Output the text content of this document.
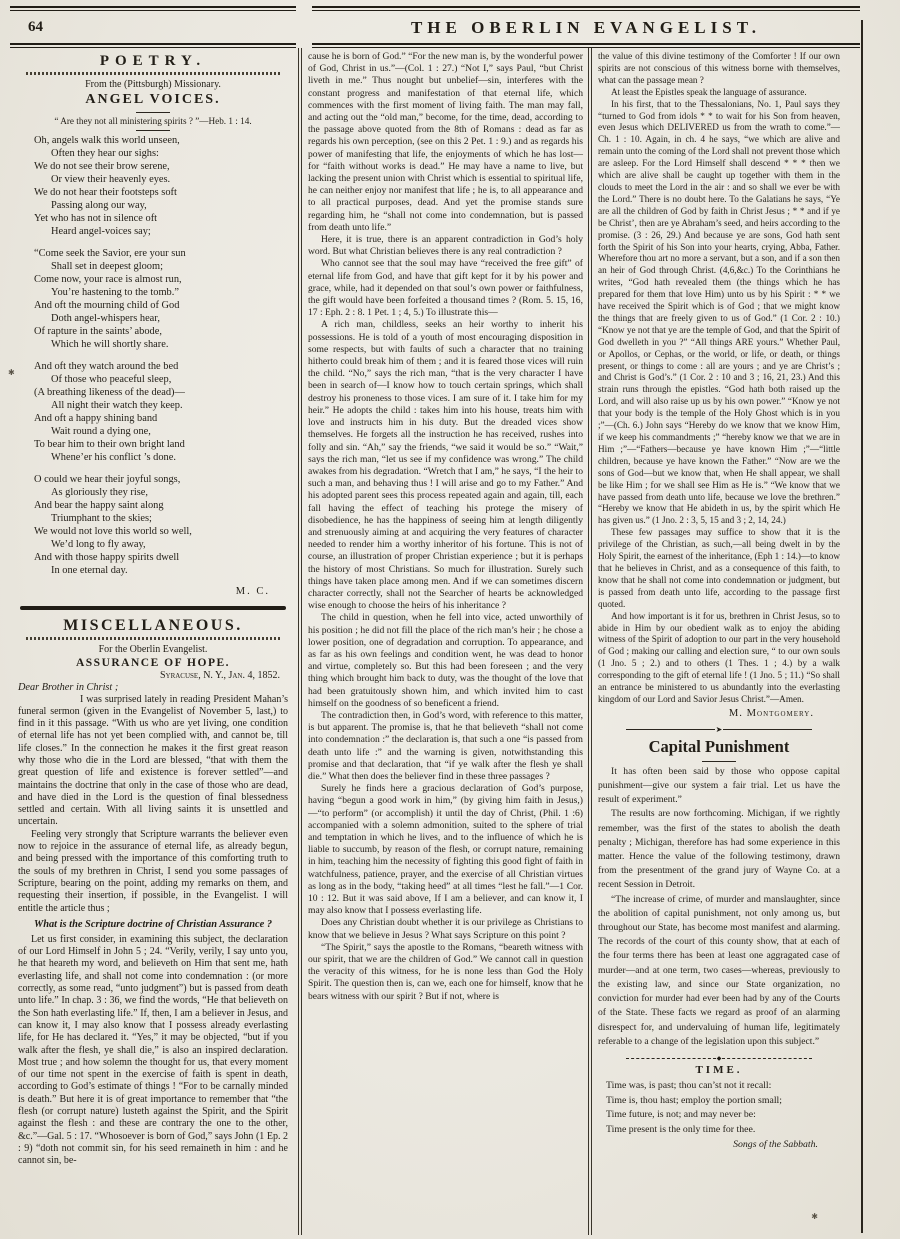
64	THE OBERLIN EVANGELIST.
POETRY.
From the (Pittsburgh) Missionary.
ANGEL VOICES.
“ Are they not all ministering spirits ? ”—Heb. 1 : 14.
Oh, angels walk this world unseen,
Often they hear our sighs:
We do not see their brow serene,
Or view their heavenly eyes.
We do not hear their footsteps soft
Passing along our way,
Yet who has not in silence oft
Heard angel-voices say;
“Come seek the Savior, ere your sun
Shall set in deepest gloom;
Come now, your race is almost run,
You’re hastening to the tomb.”
And oft the mourning child of God
Doth angel-whispers hear,
Of rapture in the saints’ abode,
Which he will shortly share.
And oft they watch around the bed
Of those who peaceful sleep,
(A breathing likeness of the dead)—
All night their watch they keep.
And oft a happy shining band
Wait round a dying one,
To bear him to their own bright land
Whene’er his conflict ’s done.
O could we hear their joyful songs,
As gloriously they rise,
And bear the happy saint along
Triumphant to the skies;
We would not love this world so well,
We’d long to fly away,
And with those happy spirits dwell
In one eternal day.
M. C.
MISCELLANEOUS.
For the Oberlin Evangelist.
ASSURANCE OF HOPE.
Syracuse, N. Y., Jan. 4, 1852.
Dear Brother in Christ ;

I was surprised lately in reading President Mahan’s funeral sermon (given in the Evangelist of November 5, last,) to find in it this passage. “With us who are yet living, one condition of eternal life has not yet been complied with, and cannot be, till life closes.” In the connection he makes it the first great reason why those who die in the Lord are blessed, “that with them the great question of life and existence is forever settled”—and maintains the doctrine that only in the case of those who are dead, and have died in the Lord is the question of final blessedness settled and certain. With all living saints it is unsettled and uncertain.

Feeling very strongly that Scripture warrants the believer even now to rejoice in the assurance of eternal life, as already begun, and being pressed with the importance of this comforting truth to the souls of my brethren in Christ, I send you some passages of Scripture, bearing on the point, adding my remarks on them, and requesting their insertion, if possible, in the Evangelist. I will entitle the article thus ;

What is the Scripture doctrine of Christian Assurance ?

Let us first consider, in examining this subject, the declaration of our Lord Himself in John 5 ; 24. “Verily, verily, I say unto you, he that heareth my word, and believeth on Him that sent me, hath everlasting life, and shall not come into condemnation : (or more correctly, as some read, “unto judgment”) but is passed from death unto life.” In chap. 3 : 36, we find the words, “He that believeth on the Son hath everlasting life.” If, then, I am a believer in Jesus, and can know it, I may also know that I possess already everlasting life, for He has declared it. “Yes,” it may be objected, “but if you walk after the flesh, ye shall die,” is also an inspired declaration. Most true ; and how solemn the thought for us, that every moment of our time not spent in the exercise of faith is spent in death, according to God’s estimate of things ! “For to be carnally minded is death.” But here it is of great importance to remember that “the flesh (or corrupt nature) lusteth against the Spirit, and the Spirit against the flesh : and these are contrary the one to the other, &c.”—Gal. 5 : 17. “Whosoever is born of God,” says John (1 Ep. 2 : 9) “doth not commit sin, for his seed remaineth in him : and he cannot sin, be-

cause he is born of God.” “For the new man is, by the wonderful power of God, Christ in us.”—(Col. 1 : 27.) “Not I,” says Paul, “but Christ liveth in me.” Thus nought but unbelief—sin, interferes with the constant progress and manifestation of that eternal life, which commences with the first moment of living faith. The man may fall, and acting out the “old man,” become, for the time, dead, according to the passage above quoted from the 8th of Romans : dead as far as regards his own perception, (see on this 2 Pet. 1 : 9.) and as regards his power of manifesting that life, the enjoyments of which he has lost—for “faith without works is dead.” He may have a name to live, but lacking the present union with Christ which is essential to spiritual life, he can neither enjoy nor manifest that life ; he is, to all appearance and to all practical purposes, dead. And yet the promise stands sure regarding him, he “shall not come into condemnation, but is passed from death unto life.”

Here, it is true, there is an apparent contradiction in God’s holy word. But what Christian believes there is any real contradiction ?

Who cannot see that the soul may have “received the free gift” of eternal life from God, and have that gift kept for it by his power and grace, while, had it depended on that soul’s own power or faithfulness, the gift would have been forfeited a thousand times ? (Rom. 5. 15, 16, 17 : Eph. 2 : 8. 1 Pet. 1 ; 4, 5.) To illustrate this—

A rich man, childless, seeks an heir worthy to inherit his possessions. He is told of a youth of most encouraging disposition in some respects, but with faults of such a character that no training hitherto could break him of them ; and it is feared those vices will ruin the child. “No,” says the rich man, “that is the very character I have been in search of—I know how to touch certain springs, which shall destroy his proneness to those vices. I am sure of it. I take him for my heir.” He adopts the child : takes him into his house, treats him with love and instructs him in his duty. But the dreaded vices show themselves. He forgets all the instruction he has received, rushes into folly and sin. “Ah,” say the friends, “we said it would be so.” “Wait,” says the rich man, “let us see if my confidence was wrong.” The child awakes from his degradation. “Wretch that I am,” he says, “I the heir to such a man, and behaving thus ! I will arise and go to my Father.” And his adopted parent sees this process repeated again and again, till, each fall having the effect of teaching his protege the misery of disobedience, he has the happiness of seeing him at length diligently and strenuously aiming at and acquiring the very features of character needed to render him a worthy inheritor of his fortune. This is not of course, an illustration of proper Christian experience ; but it is perhaps the history of most Christians. So much for illustration. Surely such things have taken place among men. And if we can sometimes discern character correctly, shall not the Searcher of hearts be acknowledged wise enough to choose the heirs of his inheritance ?

The child in question, when he fell into vice, acted unworthily of his position ; he did not fill the place of the rich man’s heir ; he chose a lower position, one of degradation and corruption. To appearance, and as far as his own feelings and condition went, he was dead to honor and virtue, completely so. But this had been foreseen ; and the very thing which brought him back to duty, was the thought of the love that had been gratuitously shown him, and which invited him to cast himself on the goodness of so beneficent a friend.

The contradiction then, in God’s word, with reference to this matter, is but apparent. The promise is, that he that believeth “shall not come into condemnation :” the declaration is, that such a one “is passed from death unto life :” and the warning is given, notwithstanding this promise and that declaration, that “if ye walk after the flesh ye shall die.” What then does the believer find in these three passages ?

Surely he finds here a gracious declaration of God’s purpose, having “begun a good work in him,” (by giving him faith in Jesus,)—“to perform” (or accomplish) it until the day of Christ, (Phil. 1 :6) accompanied with a solemn admonition, suited to the sphere of trial and temptation in which he lives, and to the influence of which he is liable to succumb, by reason of the flesh, or corrupt nature, remaining in him, teaching him the necessity of fighting this good fight of faith in watchfulness, patience, prayer, and the exercise of all Christian virtues as long as in the body, “taking heed” at all times “lest he fall.”—1 Cor. 10 : 12. But it was said above, If I am a believer, and can know it, I may also know that I possess everlasting life.

Does any Christian doubt whether it is our privilege as Christians to know that we believe in Jesus ? What says Scripture on this point ?

“The Spirit,” says the apostle to the Romans, “beareth witness with our spirit, that we are the children of God.” We cannot call in question the veracity of this witness, for he is none less than God the Holy Spirit. The question then is, can we, each one for himself, know that he bears witness with our spirit ? But if not, where is

the value of this divine testimony of the Comforter ! If our own spirits are not conscious of this witness borne with themselves, what can the passage mean ?

At least the Epistles speak the language of assurance.

In his first, that to the Thessalonians, No. 1, Paul says they “turned to God from idols * * to wait for his Son from heaven, even Jesus which DELIVERED us from the wrath to come.”—Ch. 1 : 10. Again, in ch. 4 he says, “we which are alive and remain unto the coming of the Lord shall not prevent those which are asleep. For the Lord Himself shall descend * * * then we which are alive shall be caught up together with them in the clouds to meet the Lord in the air : and so shall we ever be with the Lord.” There is no doubt here. To the Galatians he says, “Ye are all the children of God by faith in Christ Jesus ; * * and if ye be Christ’, then are ye Abraham’s seed, and heirs according to the promise. (3 : 26, 29.) And because ye are sons, God hath sent forth the Spirit of his Son into your hearts, crying, Abba, Father. Wherefore thou art no more a servant, but a son, and if a son then an heir of God through Christ. (4,6,&c.) To the Corinthians he writes, “God hath revealed them (the things which he has prepared for them that love Him) unto us by his Spirit : * * we have received the Spirit which is of God ; that we might know the things that are freely given to us of God.” (1 Cor. 2 : 10.) “Know ye not that ye are the temple of God, and that the Spirit of God dwelleth in you ?” “All things ARE yours.” Whether Paul, or Apollos, or Cephas, or the world, or life, or death, or things present, or things to come : all are yours ; and ye are Christ’s ; and Christ is God’s.” (1 Cor. 2 : 10 and 3 ; 16, 21, 23.) And this strain runs through the epistles. “God hath both raised up the Lord, and will also raise up us by his own power.” “Know ye not that your body is the temple of the Holy Ghost which is in you ;”—(Ch. 6.) John says “Hereby do we know that we know Him, if we keep his commandments ;” “hereby know we that we are in Him ;”—“Fathers—because ye have known Him ;”—“little children, because ye have known the Father.” “Now are we the sons of God—but we know that, when He shall appear, we shall be like Him ; for we shall see Him as He is.” “We know that we have passed from death unto life, because we love the brethren.” “Hereby we know that He abideth in us, by the spirit which He has given us.” (1 Jno. 2 : 3, 5, 15 and 3 ; 2, 14, 24.)

These few passages may suffice to show that it is the privilege of the Christian, as such,—all being dwelt in by the Holy Spirit, the earnest of the inheritance, (Eph 1 : 14.)—to know that he believes in Christ, and as a consequence of this faith, to know that he shall not come into condemnation or judgment, but is passed from death unto life, according to the passage first quoted.

And how important is it for us, brethren in Christ Jesus, so to abide in Him by our obedient walk as to enjoy the abiding witness of the Spirit of adoption to our part in the very household of God ; making our calling and election sure, “ to our own souls (1 Jno. 5 ; 2.) and to others (1 Thes. 1 ; 4.) by a walk corresponding to the gift of eternal life ! (1 Jno. 5 ; 11.) “So shall an entrance be ministered to us abundantly into the everlasting kingdom of our Lord and Savior Jesus Christ.”—Amen.

M. Montgomery.
➤
Capital Punishment

It has often been said by those who oppose capital punishment—give our system a fair trial. Let us have the result of experiment.”

The results are now forthcoming. Michigan, if we rightly remember, was the first of the states to abolish the death penalty ; Michigan, therefore has had some experience in this matter. Hence the value of the following testimony, drawn from the presentment of the grand jury of Wayne Co. at a recent Session in Detroit.

“The increase of crime, of murder and manslaughter, since the abolition of capital punishment, not only among us, but throughout our State, has become most manifest and alarming. The records of the court of this county show, that at each of the four terms there has been at least one aggragated case of murder—and at one term, two cases—whereas, previously to the existing law, and since our State organization, no conviction for murder had ever been had by any of the Courts of the State. These facts we regard as proof of an alarming disrespect for, and undervaluing of human life, legitimately referable to a change of the legislation upon this subject.”

◆
TIME.
Time was, is past; thou can’st not it recall:
Time is, thou hast; employ the portion small;
Time future, is not; and may never be:
Time present is the only time for thee.
Songs of the Sabbath.
✱
✱
